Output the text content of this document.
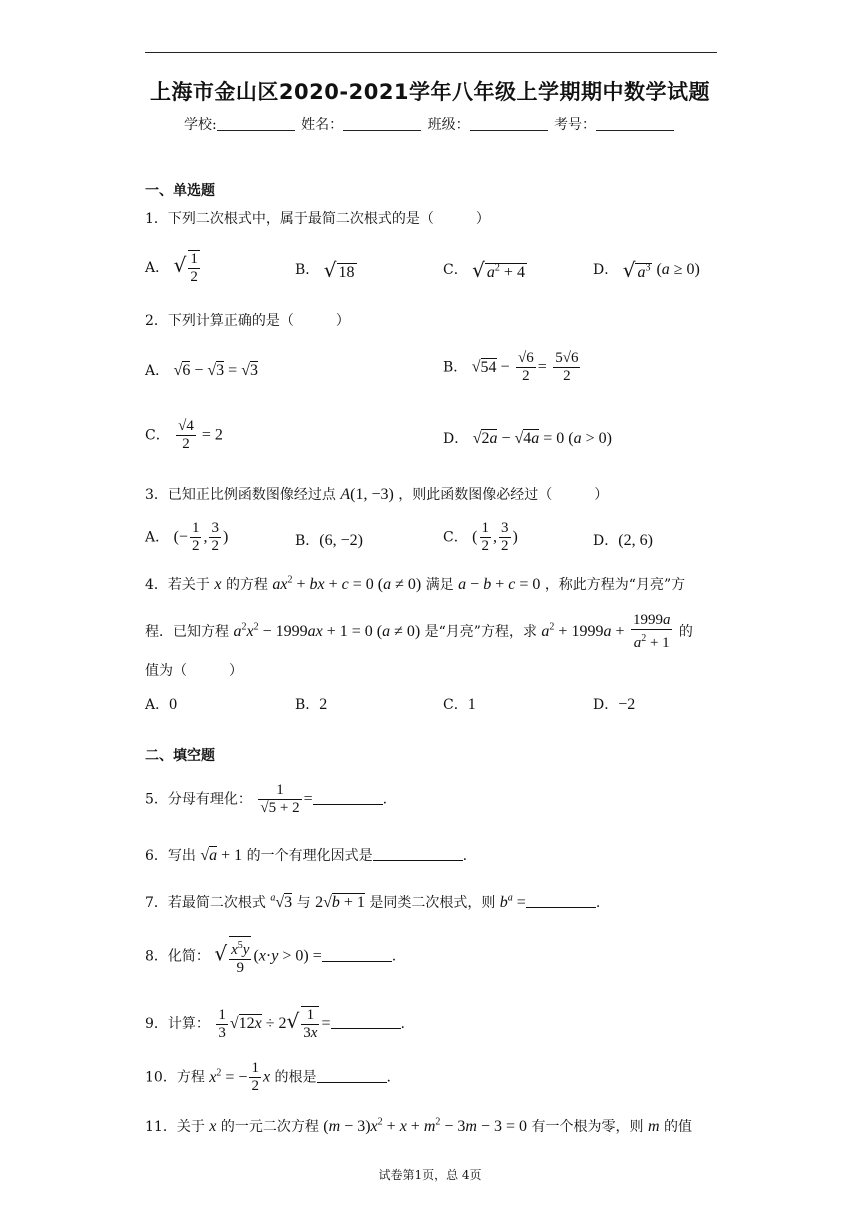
上海市金山区2020-2021学年八年级上学期期中数学试题
学校:	姓名：	班级：	考号：
一、单选题
1．下列二次根式中，属于最简二次根式的是（　　　）
A． √ $\frac{1}{2}$	B． √ 18	C． √ $a^2 + 4$	D． √ $a^3$ (a ≥ 0)
2．下列计算正确的是（　　　）
A． √6 − √3 = √3	B． $√54 - \frac{√6}{2} = \frac{5√6}{2}$
C． $\frac{√4}{2} = 2$	D． √2a − √4a = 0 (a > 0)
3．已知正比例函数图像经过点 A(1, −3) ，则此函数图像必经过（　　　）
A． (− $\frac{1}{2}$ , $\frac{3}{2}$ )	B．(6, −2)	C． ( $\frac{1}{2}$ , $\frac{3}{2}$ )	D．(2, 6)
4．若关于 x 的方程 $ax^2$ + bx + c = 0 (a ≠ 0) 满足 a − b + c = 0 ，称此方程为“月亮”方
程．已知方程 $a^2x^2 - 1999ax + 1 = 0$ (a ≠ 0) 是“月亮”方程，求 $a^2 + 1999a + \frac{1999a}{a^2 + 1}$ 的
值为（　　　）
A．0	B．2	C．1	D．−2
二、填空题
5．分母有理化： $\frac{1}{√5 + 2}$ =	.
6．写出 √a + 1 的一个有理化因式是	.
7．若最简二次根式 $^a$√3 与 2√b + 1 是同类二次根式，则 $b^a$ =	.
8．化简： √ $\frac{x^5y}{9} (x\cdot y > 0)$ =	.
9．计算： $\frac{1}{3} √12x \div 2√ \frac{1}{3x}$ =	.
10．方程 $x^2$ = − $\frac{1}{2}$ x 的根是	.
11．关于 x 的一元二次方程 $(m - 3)x^2 + x + m^2 - 3m - 3 = 0$ 有一个根为零，则 m 的值
试卷第1页，总 4页
